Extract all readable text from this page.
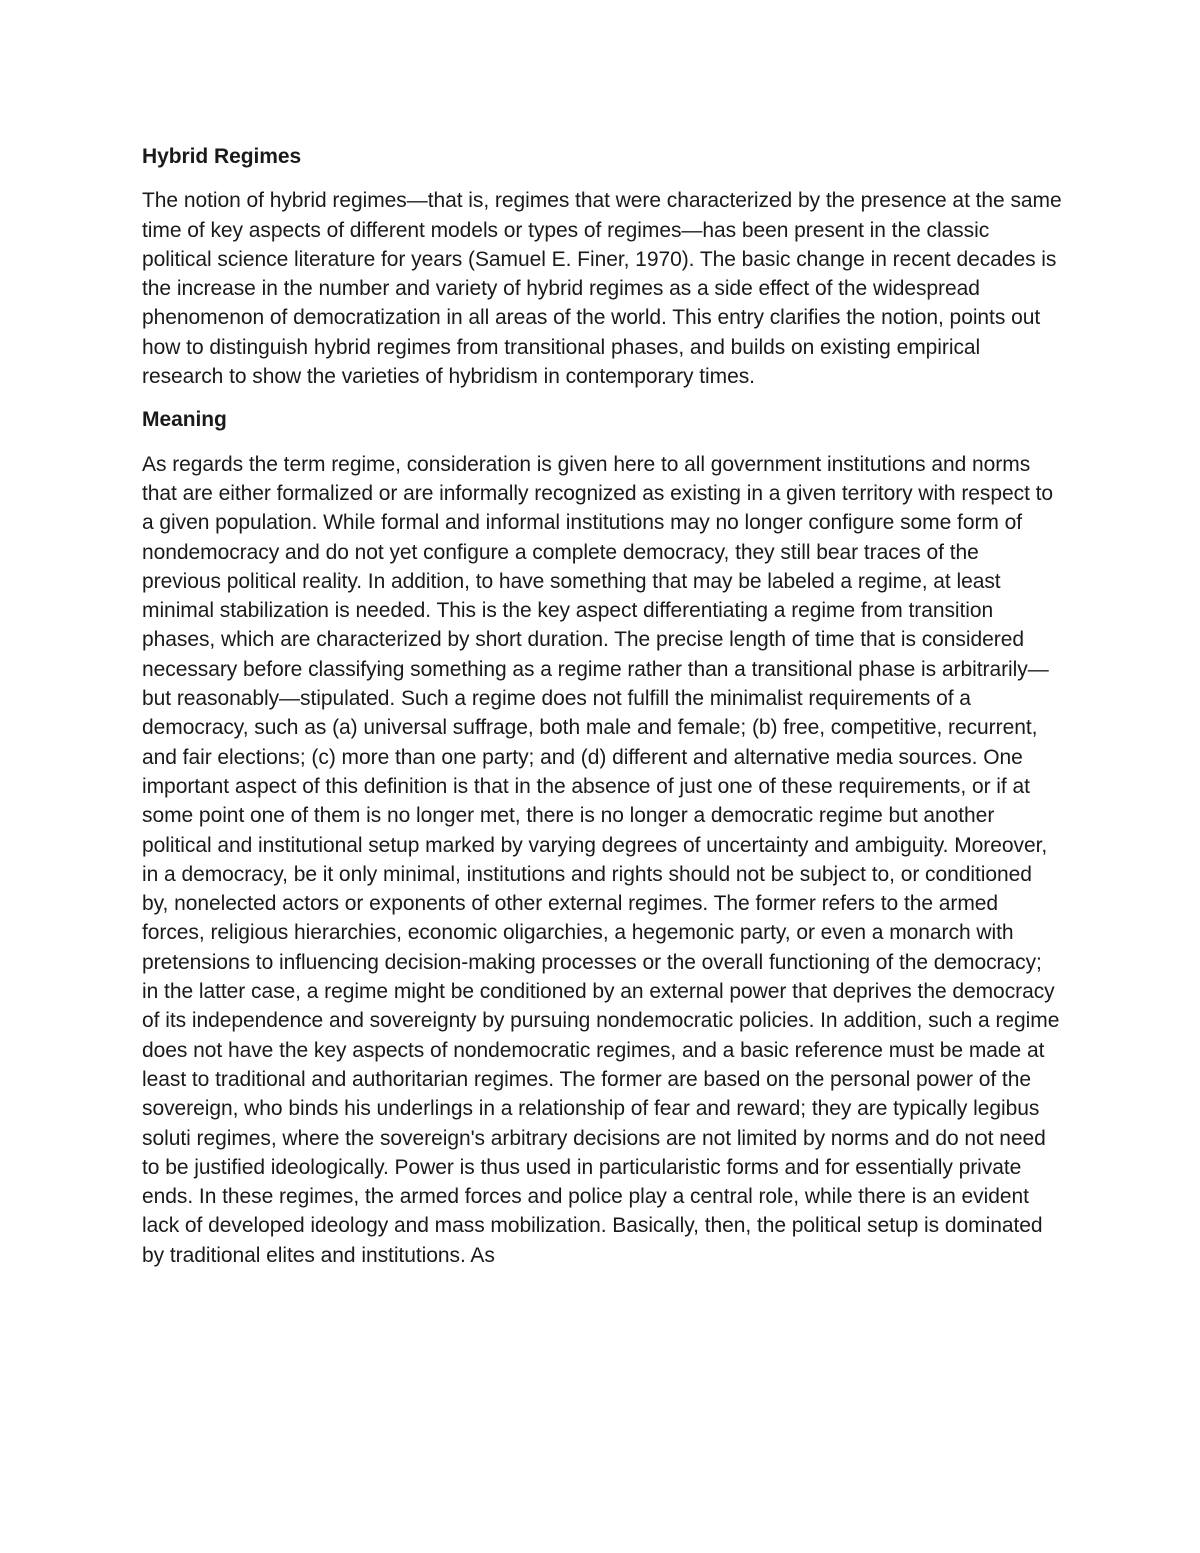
Hybrid Regimes

The notion of hybrid regimes—that is, regimes that were characterized by the presence at the same time of key aspects of different models or types of regimes—has been present in the classic political science literature for years (Samuel E. Finer, 1970). The basic change in recent decades is the increase in the number and variety of hybrid regimes as a side effect of the widespread phenomenon of democratization in all areas of the world. This entry clarifies the notion, points out how to distinguish hybrid regimes from transitional phases, and builds on existing empirical research to show the varieties of hybridism in contemporary times.

Meaning

As regards the term regime, consideration is given here to all government institutions and norms that are either formalized or are informally recognized as existing in a given territory with respect to a given population. While formal and informal institutions may no longer configure some form of nondemocracy and do not yet configure a complete democracy, they still bear traces of the previous political reality. In addition, to have something that may be labeled a regime, at least minimal stabilization is needed. This is the key aspect differentiating a regime from transition phases, which are characterized by short duration. The precise length of time that is considered necessary before classifying something as a regime rather than a transitional phase is arbitrarily—but reasonably—stipulated. Such a regime does not fulfill the minimalist requirements of a democracy, such as (a) universal suffrage, both male and female; (b) free, competitive, recurrent, and fair elections; (c) more than one party; and (d) different and alternative media sources. One important aspect of this definition is that in the absence of just one of these requirements, or if at some point one of them is no longer met, there is no longer a democratic regime but another political and institutional setup marked by varying degrees of uncertainty and ambiguity. Moreover, in a democracy, be it only minimal, institutions and rights should not be subject to, or conditioned by, nonelected actors or exponents of other external regimes. The former refers to the armed forces, religious hierarchies, economic oligarchies, a hegemonic party, or even a monarch with pretensions to influencing decision-making processes or the overall functioning of the democracy; in the latter case, a regime might be conditioned by an external power that deprives the democracy of its independence and sovereignty by pursuing nondemocratic policies. In addition, such a regime does not have the key aspects of nondemocratic regimes, and a basic reference must be made at least to traditional and authoritarian regimes. The former are based on the personal power of the sovereign, who binds his underlings in a relationship of fear and reward; they are typically legibus soluti regimes, where the sovereign's arbitrary decisions are not limited by norms and do not need to be justified ideologically. Power is thus used in particularistic forms and for essentially private ends. In these regimes, the armed forces and police play a central role, while there is an evident lack of developed ideology and mass mobilization. Basically, then, the political setup is dominated by traditional elites and institutions. As
